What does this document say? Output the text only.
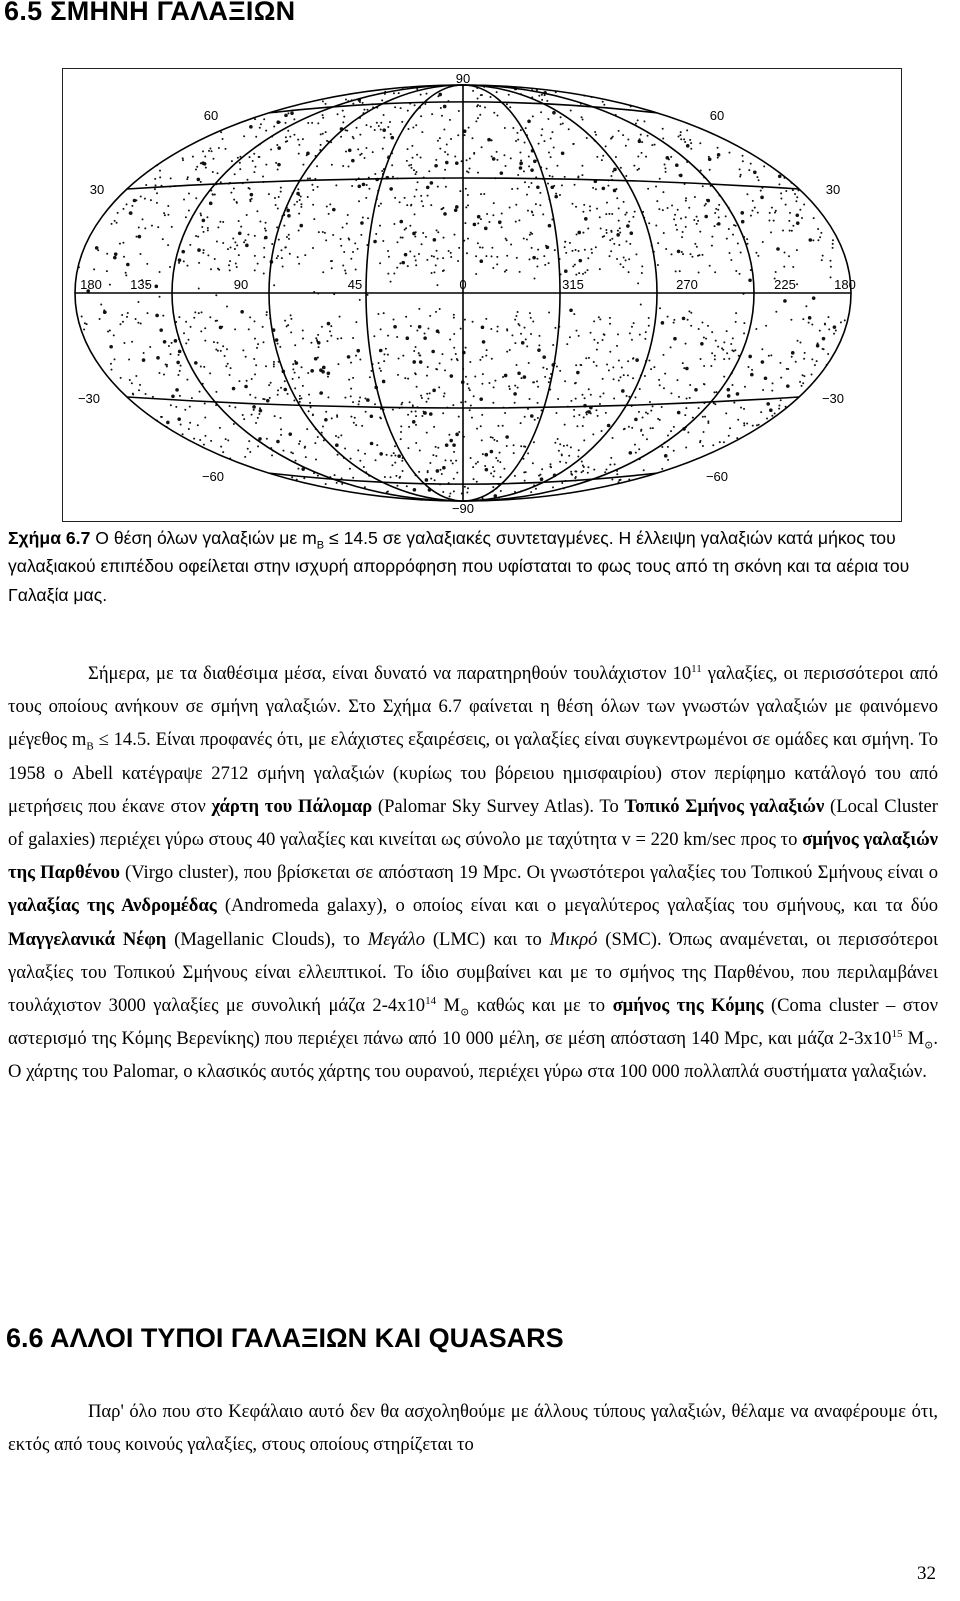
6.5 ΣΜΗΝΗ ΓΑΛΑΞΙΩΝ
90
−90
60	60
30	30
−30	−30
−60	−60
180 135	90	45	0	315	270	225	180
Σχήμα 6.7 Ο θέση όλων γαλαξιών με $m_B \le 14.5$ σε γαλαξιακές συντεταγμένες. Η έλλειψη γαλαξιών κατά μήκος του γαλαξιακού επιπέδου οφείλεται στην ισχυρή απορρόφηση που υφίσταται το φως τους από τη σκόνη και τα αέρια του Γαλαξία μας.

Σήμερα, με τα διαθέσιμα μέσα, είναι δυνατό να παρατηρηθούν τουλάχιστον $10^{11}$ γαλαξίες, οι περισσότεροι από τους οποίους ανήκουν σε σμήνη γαλαξιών. Στο Σχήμα 6.7 φαίνεται η θέση όλων των γνωστών γαλαξιών με φαινόμενο μέγεθος $m_B \le 14.5$. Είναι προφανές ότι, με ελάχιστες εξαιρέσεις, οι γαλαξίες είναι συγκεντρωμένοι σε ομάδες και σμήνη. Το 1958 ο Abell κατέγραψε 2712 σμήνη γαλαξιών (κυρίως του βόρειου ημισφαιρίου) στον περίφημο κατάλογό του από μετρήσεις που έκανε στον χάρτη του Πάλομαρ (Palomar Sky Survey Atlas). Το Τοπικό Σμήνος γαλαξιών (Local Cluster of galaxies) περιέχει γύρω στους 40 γαλαξίες και κινείται ως σύνολο με ταχύτητα v = 220 km/sec προς το σμήνος γαλαξιών της Παρθένου (Virgo cluster), που βρίσκεται σε απόσταση 19 Mpc. Οι γνωστότεροι γαλαξίες του Τοπικού Σμήνους είναι ο γαλαξίας της Ανδρομέδας (Andromeda galaxy), ο οποίος είναι και ο μεγαλύτερος γαλαξίας του σμήνους, και τα δύο Μαγγελανικά Νέφη (Magellanic Clouds), το Μεγάλο (LMC) και το Μικρό (SMC). Όπως αναμένεται, οι περισσότεροι γαλαξίες του Τοπικού Σμήνους είναι ελλειπτικοί. Το ίδιο συμβαίνει και με το σμήνος της Παρθένου, που περιλαμβάνει τουλάχιστον 3000 γαλαξίες με συνολική μάζα $2-4x10^{14}$ $M_⊙$ καθώς και με το σμήνος της Κόμης (Coma cluster – στον αστερισμό της Κόμης Βερενίκης) που περιέχει πάνω από 10 000 μέλη, σε μέση απόσταση 140 Mpc, και μάζα $2-3x10^{15}$ $M_⊙$. Ο χάρτης του Palomar, ο κλασικός αυτός χάρτης του ουρανού, περιέχει γύρω στα 100 000 πολλαπλά συστήματα γαλαξιών.

6.6 ΑΛΛΟΙ ΤΥΠΟΙ ΓΑΛΑΞΙΩΝ ΚΑΙ QUASARS

Παρ' όλο που στο Κεφάλαιο αυτό δεν θα ασχοληθούμε με άλλους τύπους γαλαξιών, θέλαμε να αναφέρουμε ότι, εκτός από τους κοινούς γαλαξίες, στους οποίους στηρίζεται το

32
